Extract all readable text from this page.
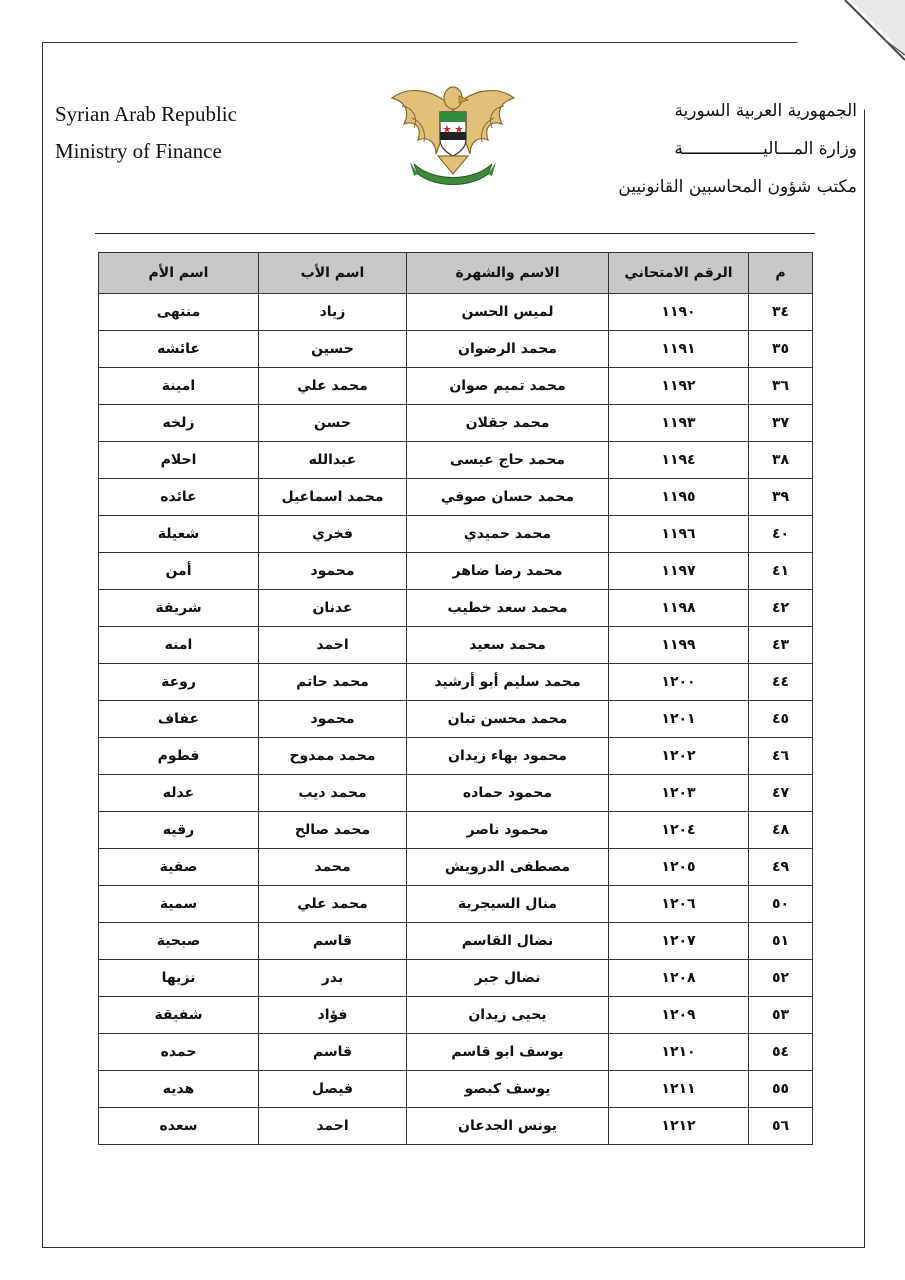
Syrian Arab Republic
Ministry of Finance
الجمهورية العربية السورية
وزارة المـــاليــــــــــــــــة
مكتب شؤون المحاسبين القانونيين
م	الرقم الامتحاني	الاسم والشهرة	اسم الأب	اسم الأم
٣٤	١١٩٠	لميس الحسن	زياد	منتهى
٣٥	١١٩١	محمد الرضوان	حسين	عائشه
٣٦	١١٩٢	محمد تميم صوان	محمد علي	امينة
٣٧	١١٩٣	محمد جقلان	حسن	زلخه
٣٨	١١٩٤	محمد حاج عيسى	عبدالله	احلام
٣٩	١١٩٥	محمد حسان صوفي	محمد اسماعيل	عائده
٤٠	١١٩٦	محمد حميدي	فخري	شعيلة
٤١	١١٩٧	محمد رضا ضاهر	محمود	أمن
٤٢	١١٩٨	محمد سعد خطيب	عدنان	شريفة
٤٣	١١٩٩	محمد سعيد	احمد	امنه
٤٤	١٢٠٠	محمد سليم أبو أرشيد	محمد حاتم	روعة
٤٥	١٢٠١	محمد محسن تبان	محمود	عفاف
٤٦	١٢٠٢	محمود بهاء زيدان	محمد ممدوح	فطوم
٤٧	١٢٠٣	محمود حماده	محمد ديب	عدله
٤٨	١٢٠٤	محمود ناصر	محمد صالح	رقيه
٤٩	١٢٠٥	مصطفى الدرويش	محمد	صفية
٥٠	١٢٠٦	منال السيجرية	محمد علي	سمية
٥١	١٢٠٧	نضال القاسم	قاسم	صبحية
٥٢	١٢٠٨	نضال جبر	بدر	نزيها
٥٣	١٢٠٩	يحيى زيدان	فؤاد	شفيقة
٥٤	١٢١٠	يوسف ابو قاسم	قاسم	حمده
٥٥	١٢١١	يوسف كبصو	فيصل	هديه
٥٦	١٢١٢	يونس الجدعان	احمد	سعده
